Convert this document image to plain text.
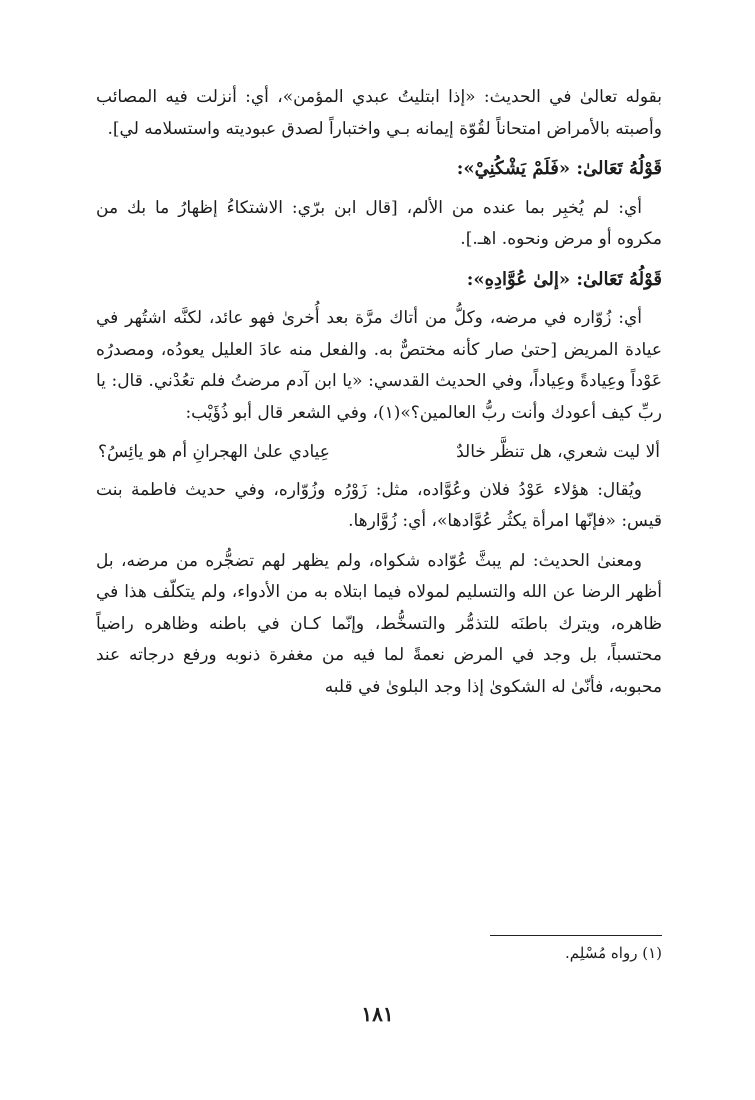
بقوله تعالىٰ في الحديث: «إذا ابتليتُ عبدي المؤمن»، أي: أنزلت فيه المصائب وأصبته بالأمراض امتحاناً لقُوّة إيمانه بـي واختباراً لصدق عبوديته واستسلامه لي].

قَوْلُهُ تَعَالىٰ: «فَلَمْ يَشْكُنِيْ»:

أي: لم يُخبِر بما عنده من الألم، [قال ابن برّي: الاشتكاءُ إظهارُ ما بك من مكروه أو مرض ونحوه. اهـ.].

قَوْلُهُ تَعَالىٰ: «إلىٰ عُوَّادِهِ»:

أي: زُوّاره في مرضه، وكلُّ من أتاك مرَّة بعد أُخرىٰ فهو عائد، لكنَّه اشتُهر في عيادة المريض [حتىٰ صار كأنه مختصٌّ به. والفعل منه عادَ العليل يعودُه، ومصدرُه عَوْداً وعِيادةً وعِياداً، وفي الحديث القدسي: «يا ابن آدم مرضتُ فلم تعُدْني. قال: يا ربِّ كيف أعودك وأنت ربُّ العالمين؟»(١)، وفي الشعر قال أبو ذُؤَيْب:

ألا ليت شعري، هل تنظَّر خالدٌ
عِيادي علىٰ الهجرانِ أم هو يائِسُ؟

ويُقال: هؤلاء عَوْدُ فلان وعُوَّاده، مثل: زَوْرُه وزُوّاره، وفي حديث فاطمة بنت قيس: «فإنّها امرأة يكثُر عُوَّادها»، أي: زُوَّارها.

ومعنىٰ الحديث: لم يبثَّ عُوّاده شكواه، ولم يظهر لهم تضجُّره من مرضه، بل أظهر الرضا عن الله والتسليم لمولاه فيما ابتلاه به من الأدواء، ولم يتكلّف هذا في ظاهره، ويترك باطنَه للتذمُّر والتسخُّط، وإنّما كـان في باطنه وظاهره راضياً محتسباً، بل وجد في المرض نعمةً لما فيه من مغفرة ذنوبه ورفع درجاته عند محبوبه، فأنّىٰ له الشكوىٰ إذا وجد البلوىٰ في قلبه

(١) رواه مُسْلِم.
١٨١
